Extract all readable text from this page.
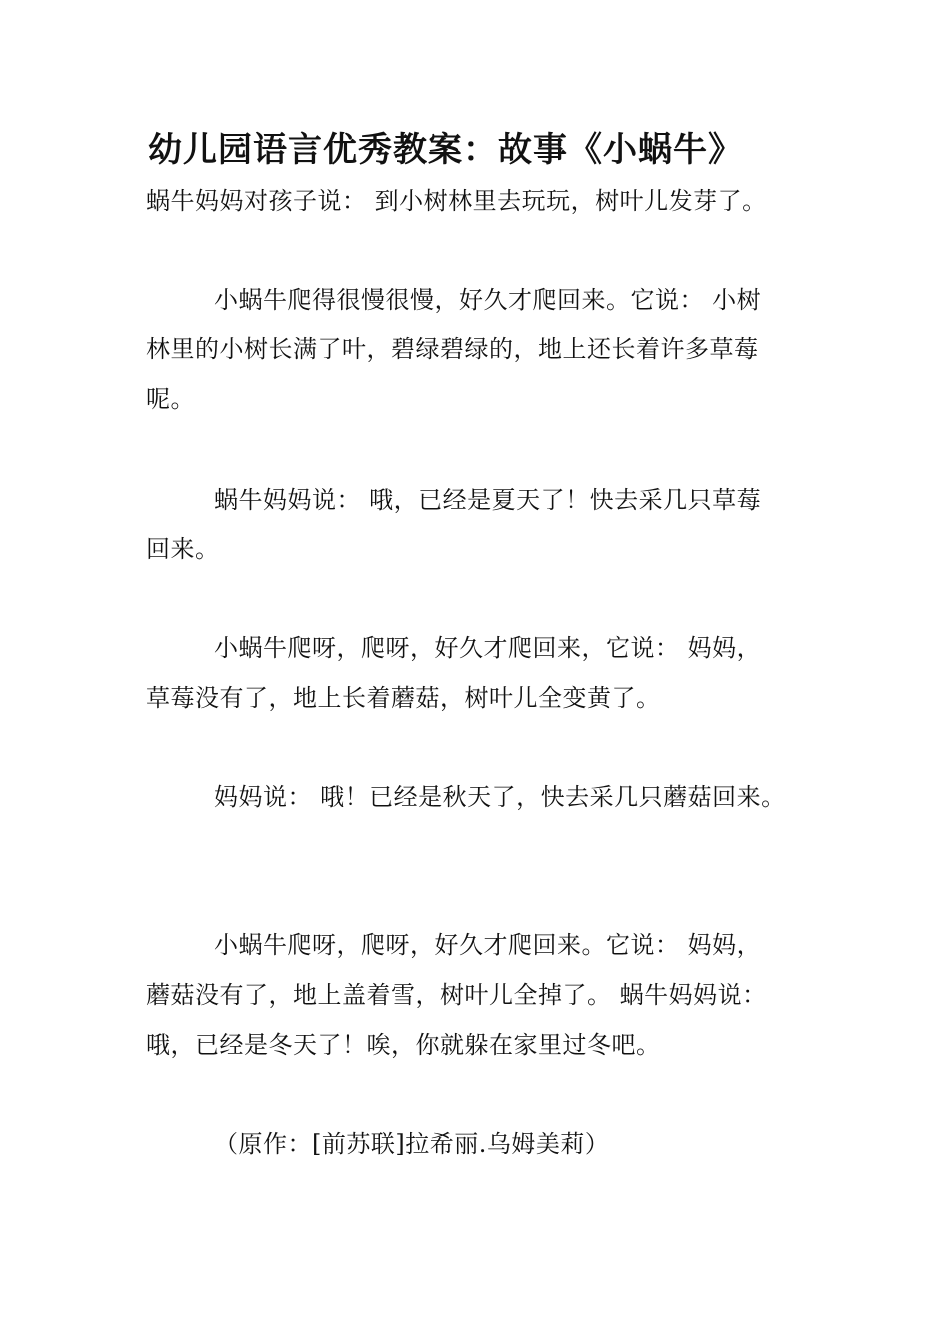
幼儿园语言优秀教案：故事《小蜗牛》
蜗牛妈妈对孩子说： 到小树林里去玩玩，树叶儿发芽了。
小蜗牛爬得很慢很慢，好久才爬回来。它说： 小树
林里的小树长满了叶，碧绿碧绿的，地上还长着许多草莓
呢。
蜗牛妈妈说： 哦，已经是夏天了！快去采几只草莓
回来。
小蜗牛爬呀，爬呀，好久才爬回来，它说： 妈妈，
草莓没有了，地上长着蘑菇，树叶儿全变黄了。
妈妈说： 哦！已经是秋天了，快去采几只蘑菇回来。
小蜗牛爬呀，爬呀，好久才爬回来。它说： 妈妈，
蘑菇没有了，地上盖着雪，树叶儿全掉了。 蜗牛妈妈说：
哦，已经是冬天了！唉，你就躲在家里过冬吧。
（原作：[前苏联]拉希丽.乌姆美莉）
